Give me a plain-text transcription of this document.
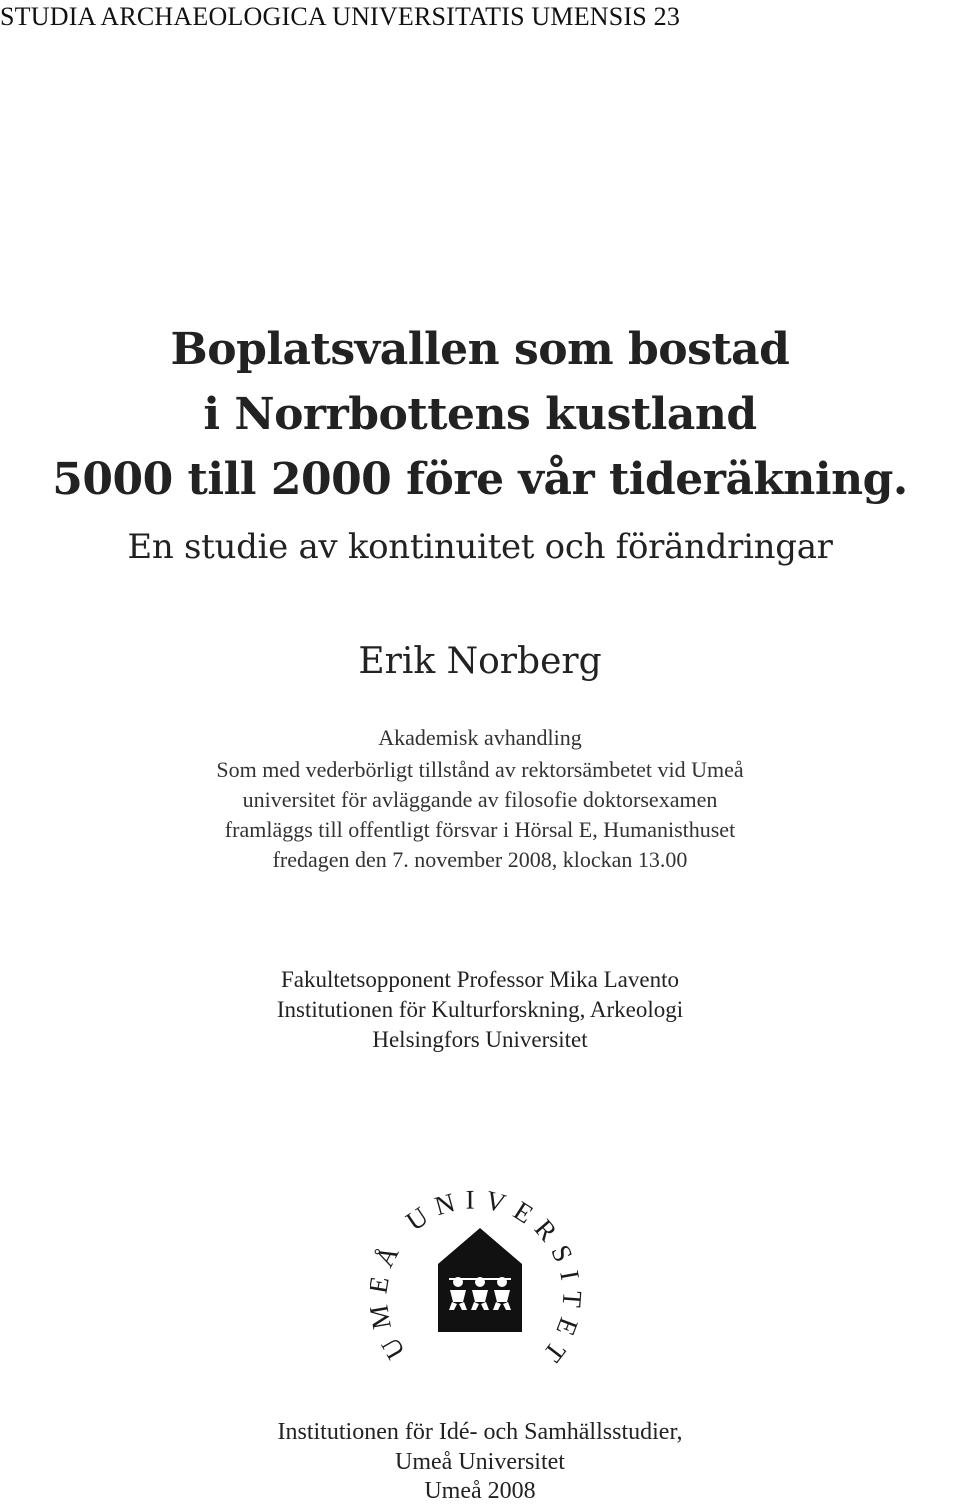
STUDIA ARCHAEOLOGICA UNIVERSITATIS UMENSIS 23
Boplatsvallen som bostad
i Norrbottens kustland
5000 till 2000 före vår tideräkning.
En studie av kontinuitet och förändringar
Erik Norberg
Akademisk avhandling
Som med vederbörligt tillstånd av rektorsämbetet vid Umeå
universitet för avläggande av filosofie doktorsexamen
framläggs till offentligt försvar i Hörsal E, Humanisthuset
fredagen den 7. november 2008, klockan 13.00
Fakultetsopponent Professor Mika Lavento
Institutionen för Kulturforskning, Arkeologi
Helsingfors Universitet
U Å UNIVERSITET
Institutionen för Idé- och Samhällsstudier,
Umeå Universitet
Umeå 2008
